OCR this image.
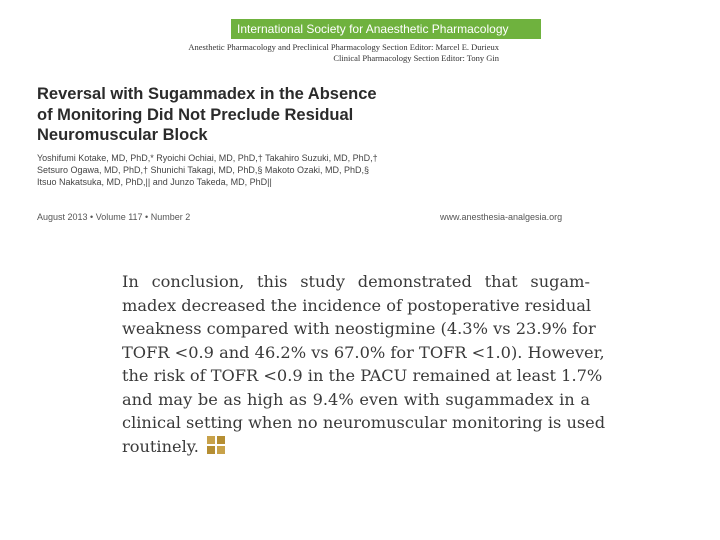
International Society for Anaesthetic Pharmacology
Anesthetic Pharmacology and Preclinical Pharmacology Section Editor: Marcel E. Durieux
Clinical Pharmacology Section Editor: Tony Gin
Reversal with Sugammadex in the Absence
of Monitoring Did Not Preclude Residual
Neuromuscular Block
Yoshifumi Kotake, MD, PhD,* Ryoichi Ochiai, MD, PhD,† Takahiro Suzuki, MD, PhD,†
Setsuro Ogawa, MD, PhD,† Shunichi Takagi, MD, PhD,§ Makoto Ozaki, MD, PhD,§
Itsuo Nakatsuka, MD, PhD,|| and Junzo Takeda, MD, PhD||
August 2013 • Volume 117 • Number 2	www.anesthesia-analgesia.org

In conclusion, this study demonstrated that sugam-
madex decreased the incidence of postoperative residual
weakness compared with neostigmine (4.3% vs 23.9% for
TOFR <0.9 and 46.2% vs 67.0% for TOFR <1.0). However,
the risk of TOFR <0.9 in the PACU remained at least 1.7%
and may be as high as 9.4% even with sugammadex in a
clinical setting when no neuromuscular monitoring is used
routinely.
